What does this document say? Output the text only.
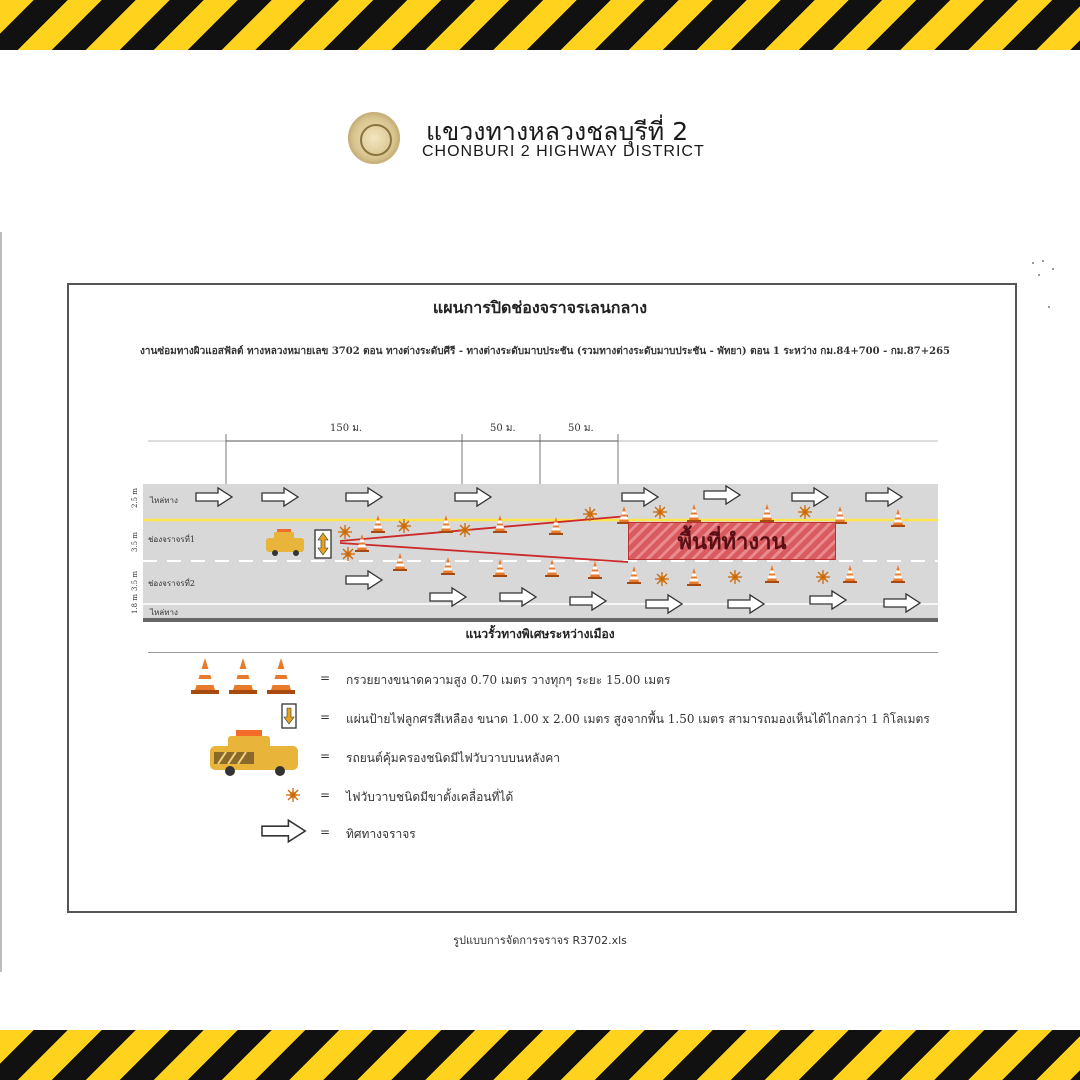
แขวงทางหลวงชลบุรีที่ 2
CHONBURI 2 HIGHWAY DISTRICT
แผนการปิดช่องจราจรเลนกลาง
งานซ่อมทางผิวแอสฟัลต์ ทางหลวงหมายเลข 3702 ตอน ทางต่างระดับศีรี - ทางต่างระดับมาบประชัน (รวมทางต่างระดับมาบประชัน - พัทยา) ตอน 1 ระหว่าง กม.84+700 - กม.87+265
150 ม.	50 ม.	50 ม.
ไหล่ทาง
ช่องจราจรที่1
ช่องจราจรที่2
ไหล่ทาง
2.5 m
3.5 m
3.5 m
1.8 m
พื้นที่ทำงาน
แนวรั้วทางพิเศษระหว่างเมือง
= กรวยยางขนาดความสูง 0.70 เมตร วางทุกๆ ระยะ 15.00 เมตร
= แผ่นป้ายไฟลูกศรสีเหลือง ขนาด 1.00 x 2.00 เมตร สูงจากพื้น 1.50 เมตร สามารถมองเห็นได้ไกลกว่า 1 กิโลเมตร
= รถยนต์คุ้มครองชนิดมีไฟวับวาบบนหลังคา
= ไฟวับวาบชนิดมีขาตั้งเคลื่อนที่ได้
= ทิศทางจราจร
รูปแบบการจัดการจราจร R3702.xls
